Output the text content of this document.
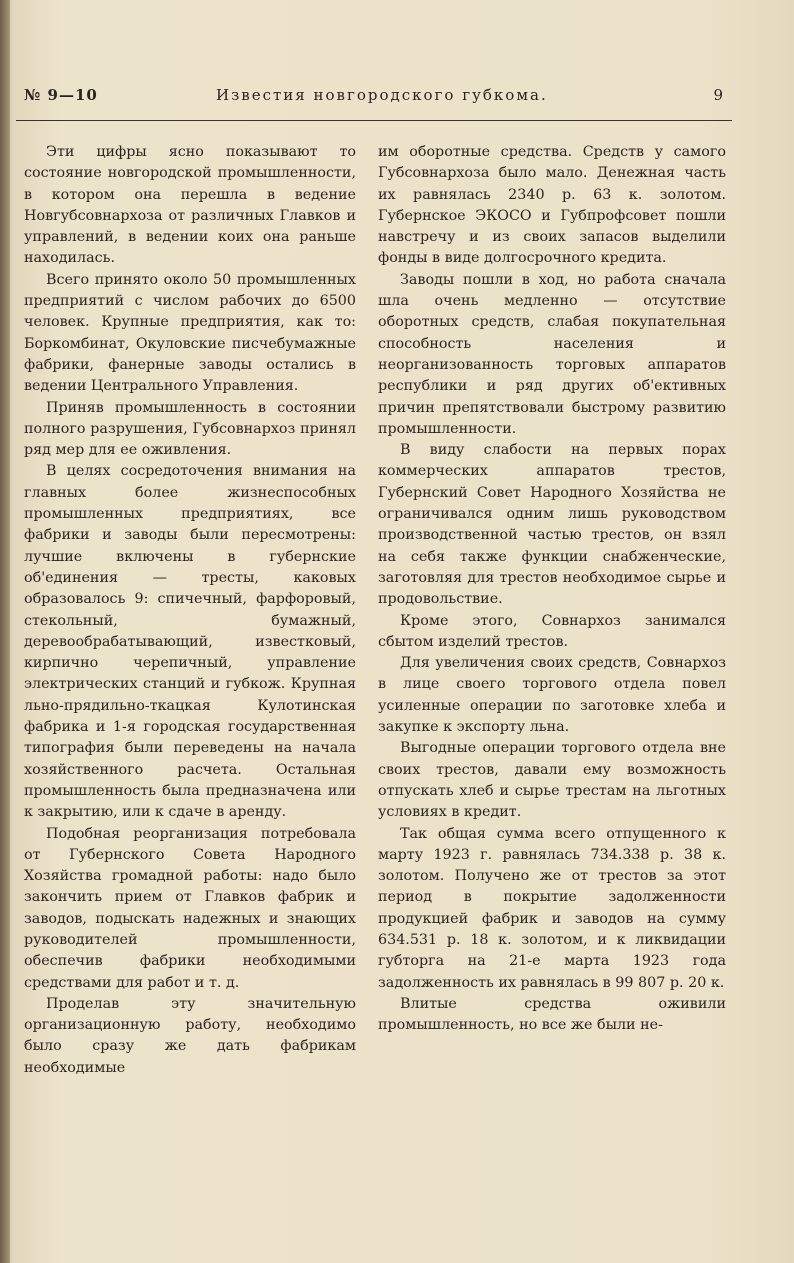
№ 9—10	Известия новгородского губкома.	9

Эти цифры ясно показывают то состояние новгородской промышленности, в котором она перешла в ведение Новгубсовнархоза от различных Главков и управлений, в ведении коих она раньше находилась.

Всего принято около 50 промышленных предприятий с числом рабочих до 6500 человек. Крупные предприятия, как то: Боркомбинат, Окуловские писчебумажные фабрики, фанерные заводы остались в ведении Центрального Управления.

Приняв промышленность в состоянии полного разрушения, Губсовнархоз принял ряд мер для ее оживления.

В целях сосредоточения внимания на главных более жизнеспособных промышленных предприятиях, все фабрики и заводы были пересмотрены: лучшие включены в губернские об'единения — тресты, каковых образовалось 9: спичечный, фарфоровый, стекольный, бумажный, деревообрабатывающий, известковый, кирпично черепичный, управление электрических станций и губкож. Крупная льно-прядильно-ткацкая Кулотинская фабрика и 1-я городская государственная типография были переведены на начала хозяйственного расчета. Остальная промышленность была предназначена или к закрытию, или к сдаче в аренду.

Подобная реорганизация потребовала от Губернского Совета Народного Хозяйства громадной работы: надо было закончить прием от Главков фабрик и заводов, подыскать надежных и знающих руководителей промышленности, обеспечив фабрики необходимыми средствами для работ и т. д.

Проделав эту значительную организационную работу, необходимо было сразу же дать фабрикам необходимые

им оборотные средства. Средств у самого Губсовнархоза было мало. Денежная часть их равнялась 2340 р. 63 к. золотом. Губернское ЭКОСО и Губпрофсовет пошли навстречу и из своих запасов выделили фонды в виде долгосрочного кредита.

Заводы пошли в ход, но работа сначала шла очень медленно — отсутствие оборотных средств, слабая покупательная способность населения и неорганизованность торговых аппаратов республики и ряд других об'ективных причин препятствовали быстрому развитию промышленности.

В виду слабости на первых порах коммерческих аппаратов трестов, Губернский Совет Народного Хозяйства не ограничивался одним лишь руководством производственной частью трестов, он взял на себя также функции снабженческие, заготовляя для трестов необходимое сырье и продовольствие.

Кроме этого, Совнархоз занимался сбытом изделий трестов.

Для увеличения своих средств, Совнархоз в лице своего торгового отдела повел усиленные операции по заготовке хлеба и закупке к экспорту льна.

Выгодные операции торгового отдела вне своих трестов, давали ему возможность отпускать хлеб и сырье трестам на льготных условиях в кредит.

Так общая сумма всего отпущенного к марту 1923 г. равнялась 734.338 р. 38 к. золотом. Получено же от трестов за этот период в покрытие задолженности продукцией фабрик и заводов на сумму 634.531 р. 18 к. золотом, и к ликвидации губторга на 21-е марта 1923 года задолженность их равнялась в 99 807 р. 20 к.

Влитые средства оживили промышленность, но все же были не-
